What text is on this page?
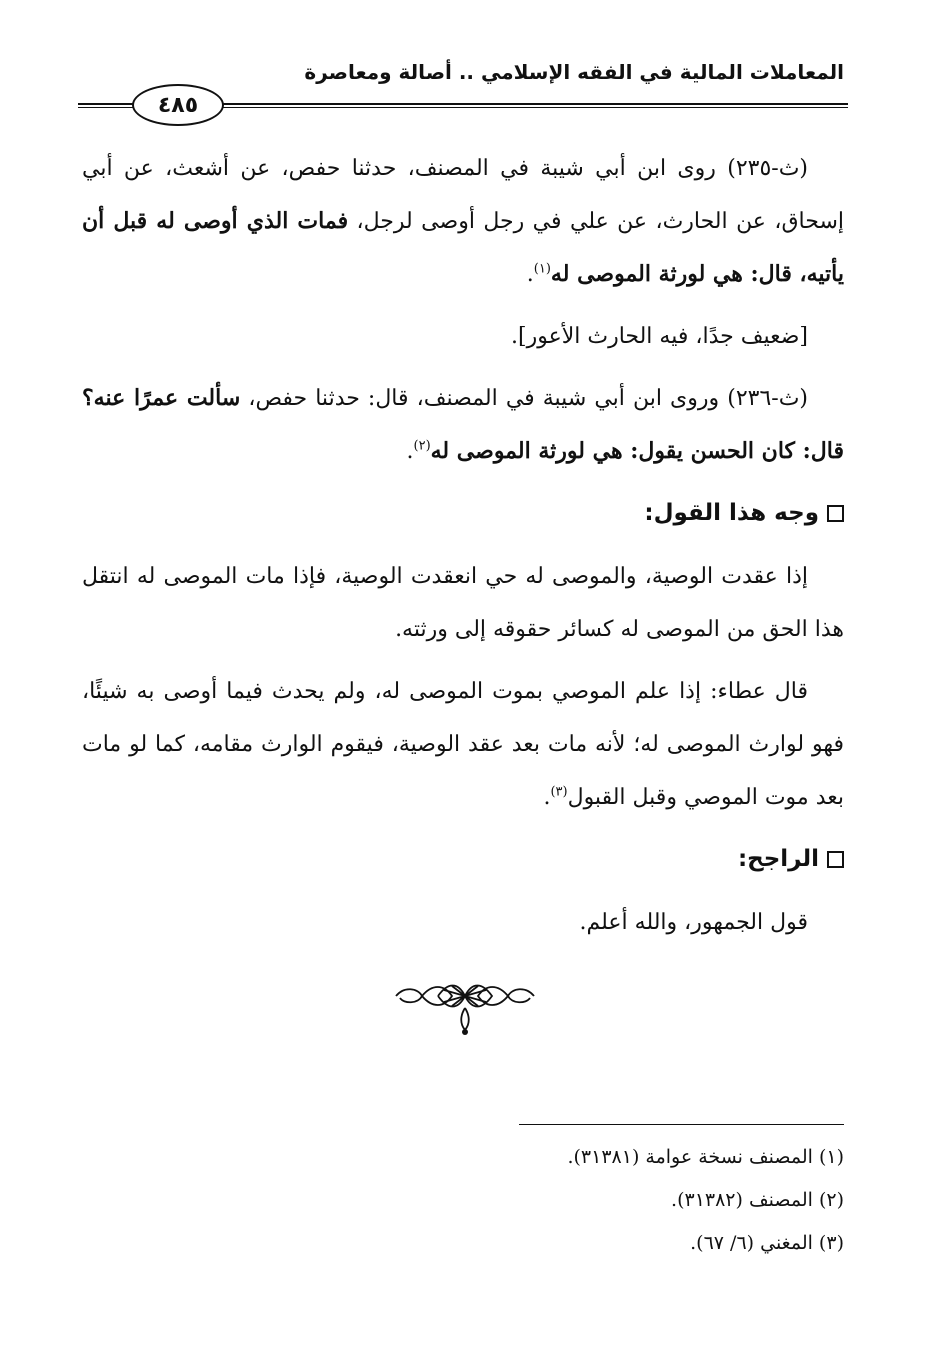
المعاملات المالية في الفقه الإسلامي .. أصالة ومعاصرة
٤٨٥

(ث-٢٣٥) روى ابن أبي شيبة في المصنف، حدثنا حفص، عن أشعث، عن أبي إسحاق، عن الحارث، عن علي في رجل أوصى لرجل، فمات الذي أوصى له قبل أن يأتيه، قال: هي لورثة الموصى له$^{(١)}$.

[ضعيف جدًا، فيه الحارث الأعور].

(ث-٢٣٦) وروى ابن أبي شيبة في المصنف، قال: حدثنا حفص، سألت عمرًا عنه؟ قال: كان الحسن يقول: هي لورثة الموصى له$^{(٢)}$.

وجه هذا القول:

إذا عقدت الوصية، والموصى له حي انعقدت الوصية، فإذا مات الموصى له انتقل هذا الحق من الموصى له كسائر حقوقه إلى ورثته.

قال عطاء: إذا علم الموصي بموت الموصى له، ولم يحدث فيما أوصى به شيئًا، فهو لوارث الموصى له؛ لأنه مات بعد عقد الوصية، فيقوم الوارث مقامه، كما لو مات بعد موت الموصي وقبل القبول$^{(٣)}$.

الراجح:

قول الجمهور، والله أعلم.

(١) المصنف نسخة عوامة (٣١٣٨١).
(٢) المصنف (٣١٣٨٢).
(٣) المغني (٦/ ٦٧).
